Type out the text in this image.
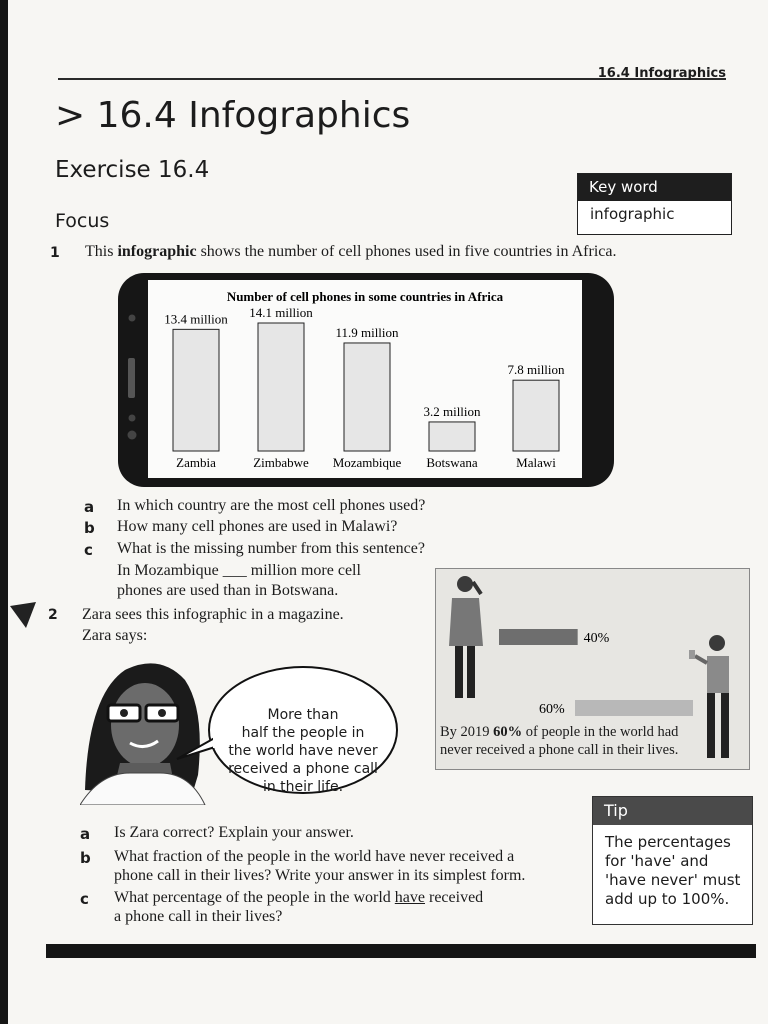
16.4 Infographics
> 16.4 Infographics
Exercise 16.4
Key word
infographic
Focus
1 This infographic shows the number of cell phones used in five countries in Africa.
Number of cell phones in some countries in Africa
13.4 million
Zambia
14.1 million
Zimbabwe
11.9 million
Mozambique
3.2 million
Botswana
7.8 million
Malawi
a In which country are the most cell phones used?
b How many cell phones are used in Malawi?
c What is the missing number from this sentence?
In Mozambique ___ million more cell
phones are used than in Botswana.
2 Zara sees this infographic in a magazine.
Zara says:
More than
half the people in
the world have never
received a phone call
in their life.
40%
60%
By 2019 60% of people in the world had
never received a phone call in their lives.
a Is Zara correct? Explain your answer.
b What fraction of the people in the world have never received a
phone call in their lives? Write your answer in its simplest form.
c What percentage of the people in the world have received
a phone call in their lives?
Tip
The percentages
for 'have' and
'have never' must
add up to 100%.
